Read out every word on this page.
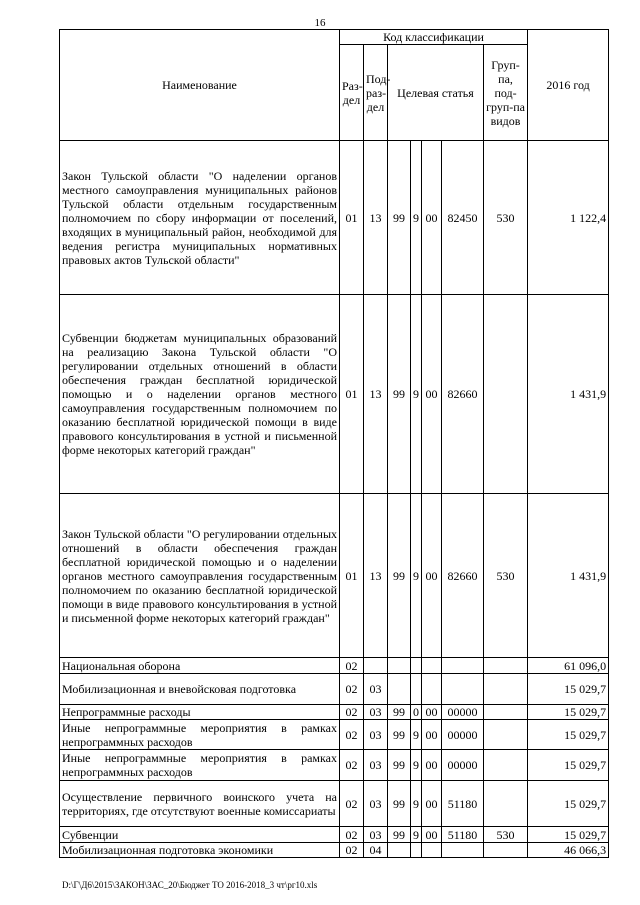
16
Наименование	Код классификации							2016 год
	Раз-дел	Под-раз-дел	Целевая статья				Груп-па, под-груп-па видов	
Закон Тульской области "О наделении органов местного самоуправления муниципальных районов Тульской области отдельным государственным полномочием по сбору информации от поселений, входящих в муниципальный район, необходимой для ведения регистра муниципальных нормативных правовых актов Тульской области"	01	13	99	9	00	82450	530	1 122,4
Субвенции бюджетам муниципальных образований на реализацию Закона Тульской области "О регулировании отдельных отношений в области обеспечения граждан бесплатной юридической помощью и о наделении органов местного самоуправления государственным полномочием по оказанию бесплатной юридической помощи в виде правового консультирования в устной и письменной форме некоторых категорий граждан"	01	13	99	9	00	82660		1 431,9
Закон Тульской области "О регулировании отдельных отношений в области обеспечения граждан бесплатной юридической помощью и о наделении органов местного самоуправления государственным полномочием по оказанию бесплатной юридической помощи в виде правового консультирования в устной и письменной форме некоторых категорий граждан"	01	13	99	9	00	82660	530	1 431,9
Национальная оборона	02							61 096,0
Мобилизационная и вневойсковая подготовка	02	03						15 029,7
Непрограммные расходы	02	03	99	0	00	00000		15 029,7
Иные непрограммные мероприятия в рамках непрограммных расходов	02	03	99	9	00	00000		15 029,7
Иные непрограммные мероприятия в рамках непрограммных расходов	02	03	99	9	00	00000		15 029,7
Осуществление первичного воинского учета на территориях, где отсутствуют военные комиссариаты	02	03	99	9	00	51180		15 029,7
Субвенции	02	03	99	9	00	51180	530	15 029,7
Мобилизационная подготовка экономики	02	04						46 066,3
D:\Г\Д6\2015\ЗАКОН\ЗАС_20\Бюджет ТО 2016-2018_3 чт\рг10.xls
